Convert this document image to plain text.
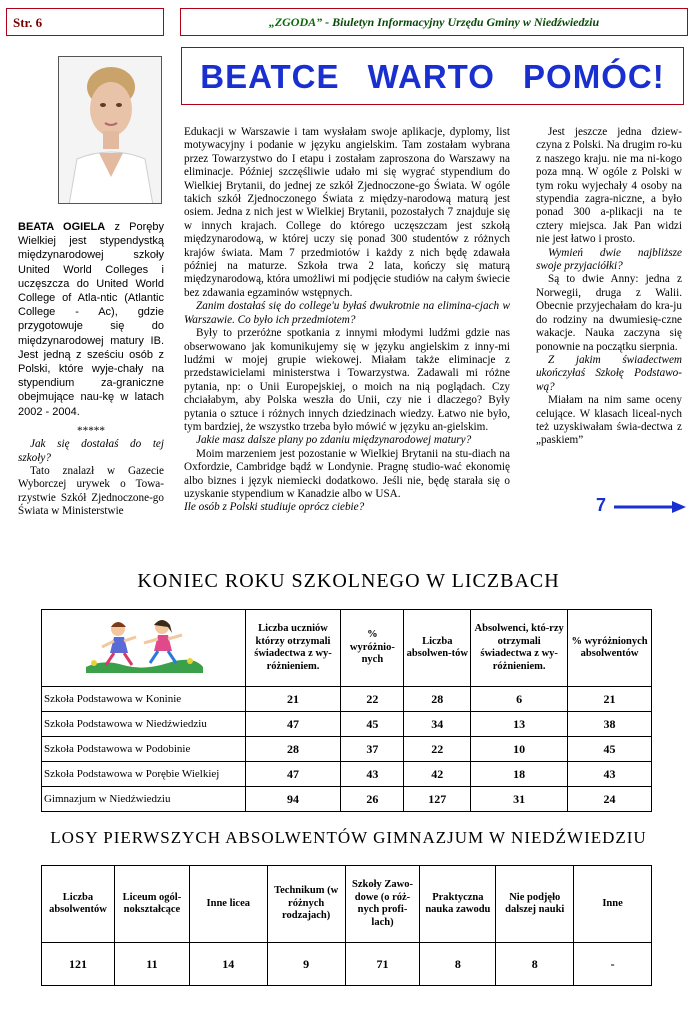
Str. 6	„ZGODA” - Biuletyn Informacyjny Urzędu Gminy w Niedźwiedziu
BEATCE WARTO POMÓC!

BEATA OGIELA z Poręby Wielkiej jest stypendystką międzynarodowej szkoły United World Colleges i uczęszcza do United World College of Atla-ntic (Atlantic College - Ac), gdzie przygotowuje się do międzynarodowej matury IB. Jest jedną z sześciu osób z Polski, które wyje-chały na stypendium za-graniczne obejmujące nau-kę w latach 2002 - 2004.

*****

Jak się dostałaś do tej szkoły?

Tato znalazł w Gazecie Wyborczej urywek o Towa-rzystwie Szkół Zjednoczone-go Świata w Ministerstwie

Edukacji w Warszawie i tam wysłałam swoje aplikacje, dyplomy, list motywacyjny i podanie w języku angielskim. Tam zostałam wybrana przez Towarzystwo do I etapu i zostałam zaproszona do Warszawy na eliminacje. Później szczęśliwie udało mi się wygrać stypendium do Wielkiej Brytanii, do jednej ze szkół Zjednoczone-go Świata. W ogóle takich szkół Zjednoczonego Świata z między-narodową maturą jest osiem. Jedna z nich jest w Wielkiej Brytanii, pozostałych 7 znajduje się w innych krajach. College do którego uczęszczam jest szkołą międzynarodową, w której uczy się ponad 300 studentów z różnych krajów świata. Mam 7 przedmiotów i każdy z nich będę zdawała później na maturze. Szkoła trwa 2 lata, kończy się maturą międzynarodową, która umożliwi mi podjęcie studiów na całym świecie bez zdawania egzaminów wstępnych.

Zanim dostałaś się do college'u byłaś dwukrotnie na elimina-cjach w Warszawie. Co było ich przedmiotem?

Były to przeróżne spotkania z innymi młodymi ludźmi gdzie nas obserwowano jak komunikujemy się w języku angielskim z inny-mi ludźmi w mojej grupie wiekowej. Miałam także eliminacje z przedstawicielami ministerstwa i Towarzystwa. Zadawali mi różne pytania, np: o Unii Europejskiej, o moich na nią poglądach. Czy chciałabym, aby Polska weszła do Unii, czy nie i dlaczego? Były pytania o sztuce i różnych innych dziedzinach wiedzy. Łatwo nie było, tym bardziej, że wszystko trzeba było mówić w języku an-gielskim.

Jakie masz dalsze plany po zdaniu międzynarodowej matury?

Moim marzeniem jest pozostanie w Wielkiej Brytanii na stu-diach na Oxfordzie, Cambridge bądź w Londynie. Pragnę studio-wać ekonomię albo biznes i język niemiecki dodatkowo. Jeśli nie, będę starała się o uzyskanie stypendium w Kanadzie albo w USA.

Ile osób z Polski studiuje oprócz ciebie?

Jest jeszcze jedna dziew-czyna z Polski. Na drugim ro-ku z naszego kraju. nie ma ni-kogo poza mną. W ogóle z Polski w tym roku wyjechały 4 osoby na stypendia zagra-niczne, a było ponad 300 a-plikacji na te cztery miejsca. Jak Pan widzi nie jest łatwo i prosto.

Wymień dwie najbliższe swoje przyjaciółki?

Są to dwie Anny: jedna z Norwegii, druga z Walii. Obecnie przyjechałam do kra-ju do rodziny na dwumiesię-czne wakacje. Nauka zaczyna się ponownie na początku sierpnia.

Z jakim świadectwem ukończyłaś Szkołę Podstawo-wą?

Miałam na nim same oceny celujące. W klasach liceal-nych też uzyskiwałam świa-dectwa z „paskiem”

7
KONIEC ROKU SZKOLNEGO W LICZBACH
	Liczba uczniów którzy otrzymali świadectwa z wy-różnieniem.	% wyróżnio-nych	Liczba absolwen-tów	Absolwenci, któ-rzy otrzymali świadectwa z wy-różnieniem.	% wyróżnionych absolwentów
Szkoła Podstawowa w Koninie	21	22	28	6	21
Szkoła Podstawowa w Niedźwiedziu	47	45	34	13	38
Szkoła Podstawowa w Podobinie	28	37	22	10	45
Szkoła Podstawowa w Porębie Wielkiej	47	43	42	18	43
Gimnazjum w Niedźwiedziu	94	26	127	31	24
LOSY PIERWSZYCH ABSOLWENTÓW GIMNAZJUM W NIEDŹWIEDZIU
Liczba absolwentów	Liceum ogól-nokształcące	Inne licea	Technikum (w różnych rodzajach)	Szkoły Zawo-dowe (o róż-nych profi-lach)	Praktyczna nauka zawodu	Nie podjęło dalszej nauki	Inne
121	11	14	9	71	8	8	-
